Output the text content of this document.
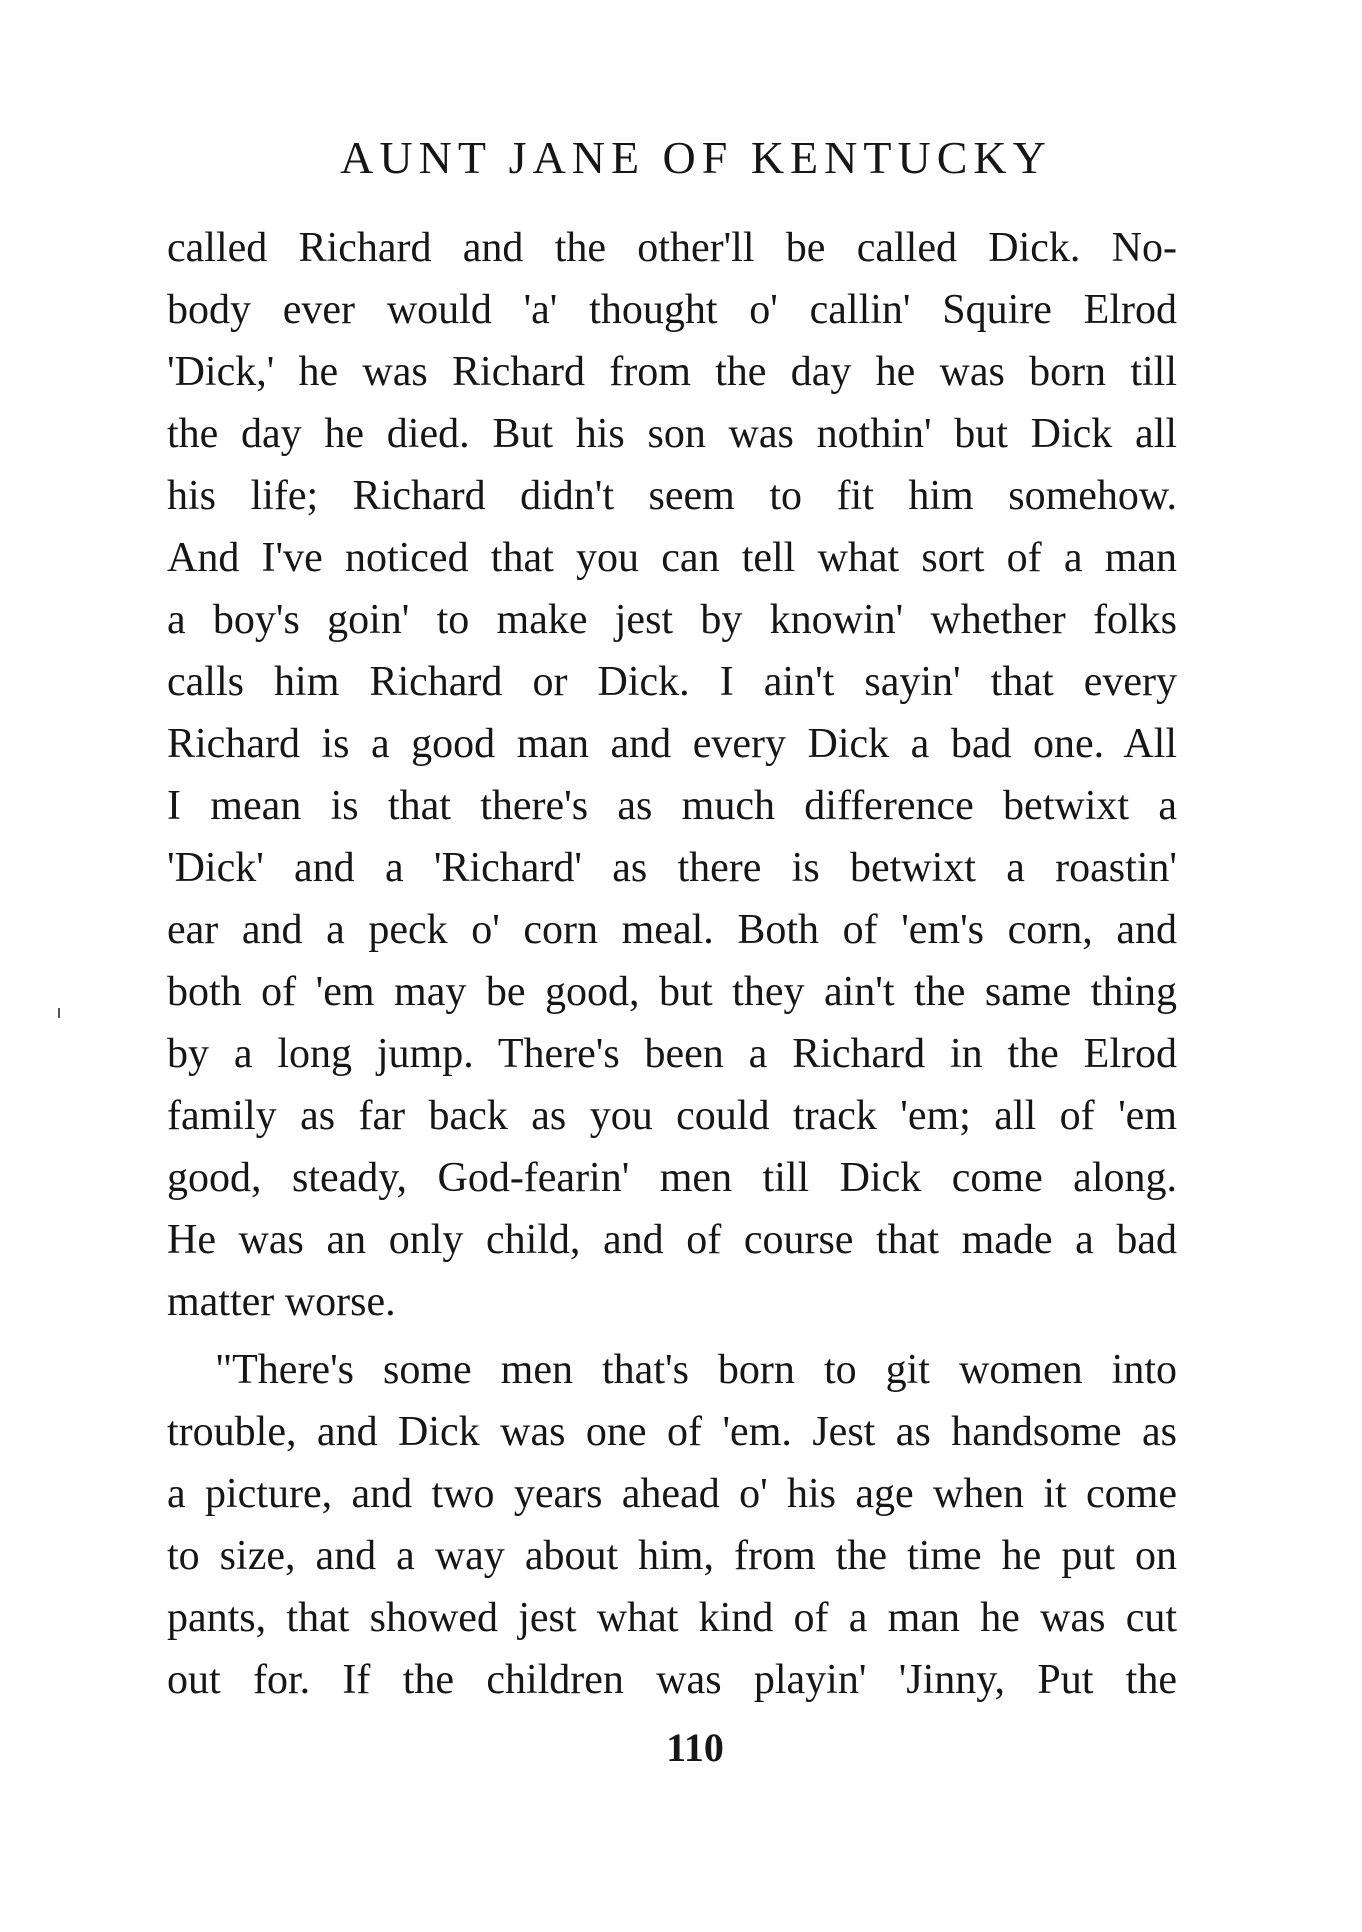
AUNT JANE OF KENTUCKY
called Richard and the other'll be called Dick. No-
body ever would 'a' thought o' callin' Squire Elrod
'Dick,' he was Richard from the day he was born till
the day he died. But his son was nothin' but Dick all
his life; Richard didn't seem to fit him somehow.
And I've noticed that you can tell what sort of a man
a boy's goin' to make jest by knowin' whether folks
calls him Richard or Dick. I ain't sayin' that every
Richard is a good man and every Dick a bad one. All
I mean is that there's as much difference betwixt a
'Dick' and a 'Richard' as there is betwixt a roastin'
ear and a peck o' corn meal. Both of 'em's corn, and
both of 'em may be good, but they ain't the same thing
by a long jump. There's been a Richard in the Elrod
family as far back as you could track 'em; all of 'em
good, steady, God-fearin' men till Dick come along.
He was an only child, and of course that made a bad
matter worse.
"There's some men that's born to git women into
trouble, and Dick was one of 'em. Jest as handsome as
a picture, and two years ahead o' his age when it come
to size, and a way about him, from the time he put on
pants, that showed jest what kind of a man he was cut
out for. If the children was playin' 'Jinny, Put the
110
